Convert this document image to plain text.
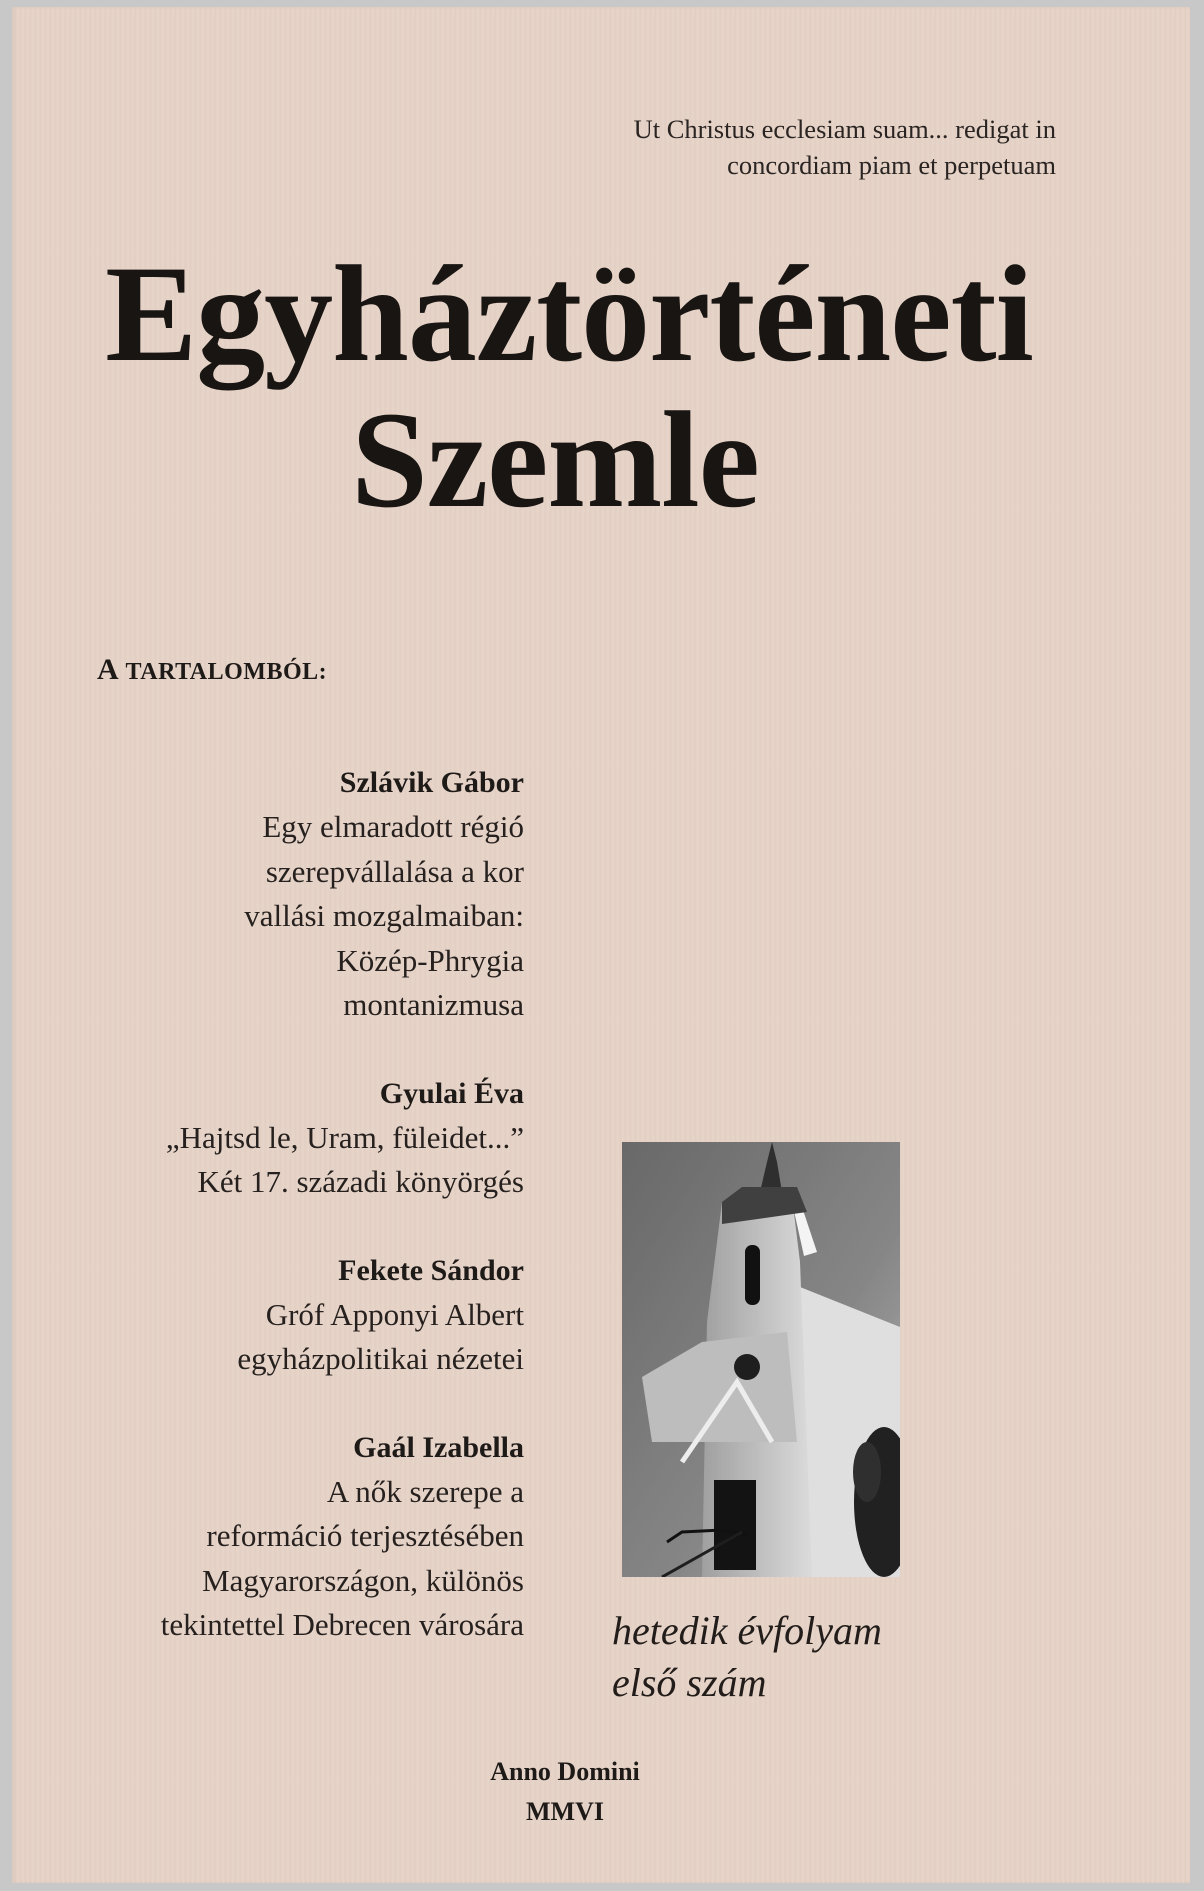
Ut Christus ecclesiam suam... redigat in
concordiam piam et perpetuam
Egyháztörténeti
Szemle
A TARTALOMBÓL:
Szlávik Gábor
Egy elmaradott régió
szerepvállalása a kor
vallási mozgalmaiban:
Közép-Phrygia
montanizmusa
Gyulai Éva
„Hajtsd le, Uram, füleidet...”
Két 17. századi könyörgés
Fekete Sándor
Gróf Apponyi Albert
egyházpolitikai nézetei
Gaál Izabella
A nők szerepe a
reformáció terjesztésében
Magyarországon, különös
tekintettel Debrecen városára hetedik évfolyam
első szám
Anno Domini
MMVI
